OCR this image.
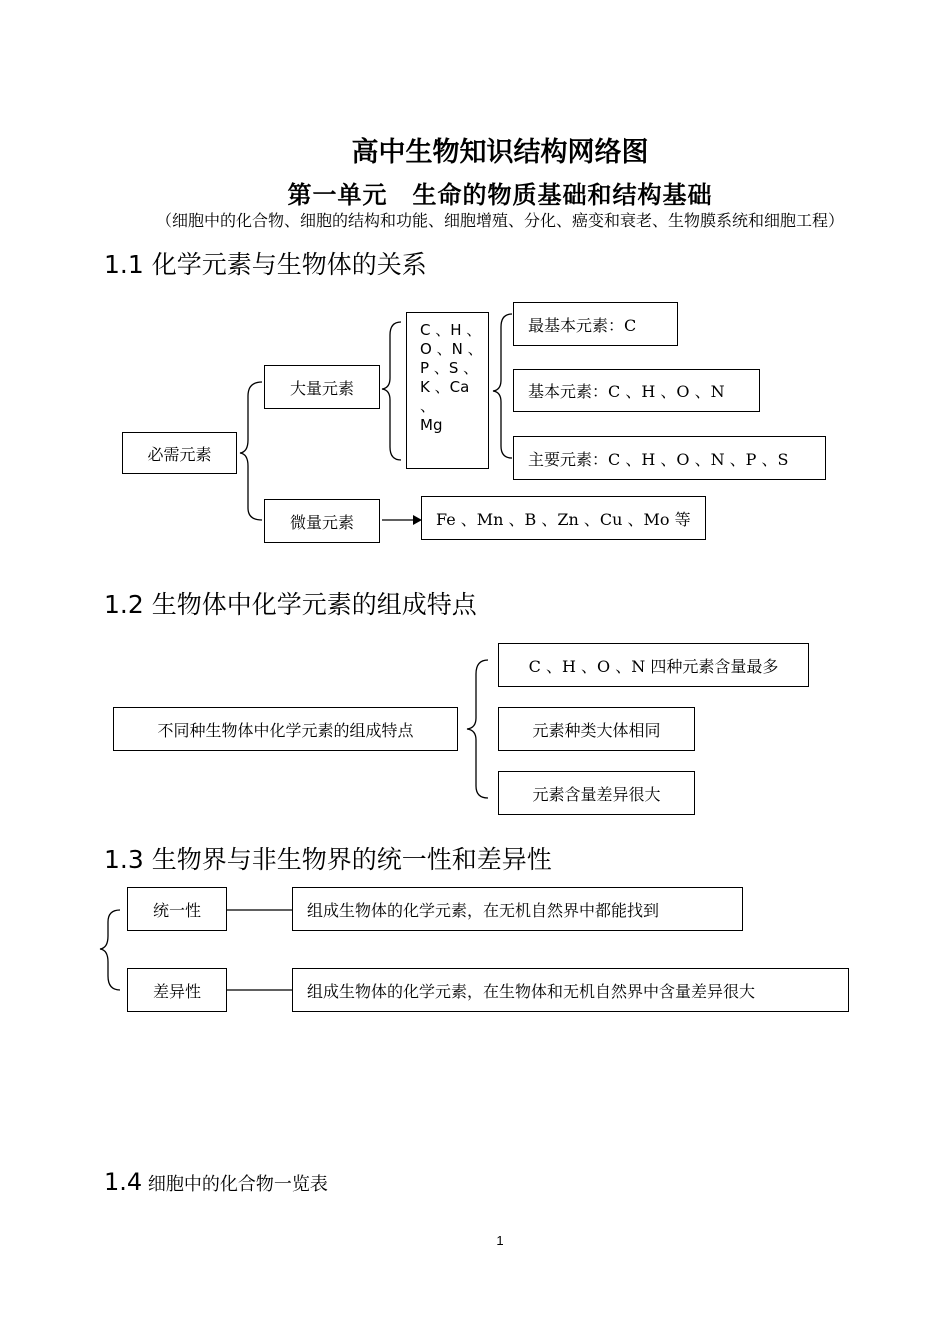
高中生物知识结构网络图
第一单元　生命的物质基础和结构基础
（细胞中的化合物、细胞的结构和功能、细胞增殖、分化、癌变和衰老、生物膜系统和细胞工程）
1.1 化学元素与生物体的关系
必需元素
大量元素
微量元素
C 、H 、
O 、N 、
P 、S 、
K 、Ca
、
Mg
最基本元素：C
基本元素：C 、H 、O 、N
主要元素：C 、H 、O 、N 、P 、S
Fe 、Mn 、B 、Zn 、Cu 、Mo 等
1.2 生物体中化学元素的组成特点
不同种生物体中化学元素的组成特点
C 、H 、O 、N 四种元素含量最多
元素种类大体相同
元素含量差异很大
1.3 生物界与非生物界的统一性和差异性
统一性	组成生物体的化学元素，在无机自然界中都能找到
差异性	组成生物体的化学元素，在生物体和无机自然界中含量差异很大
1.4 细胞中的化合物一览表
1
